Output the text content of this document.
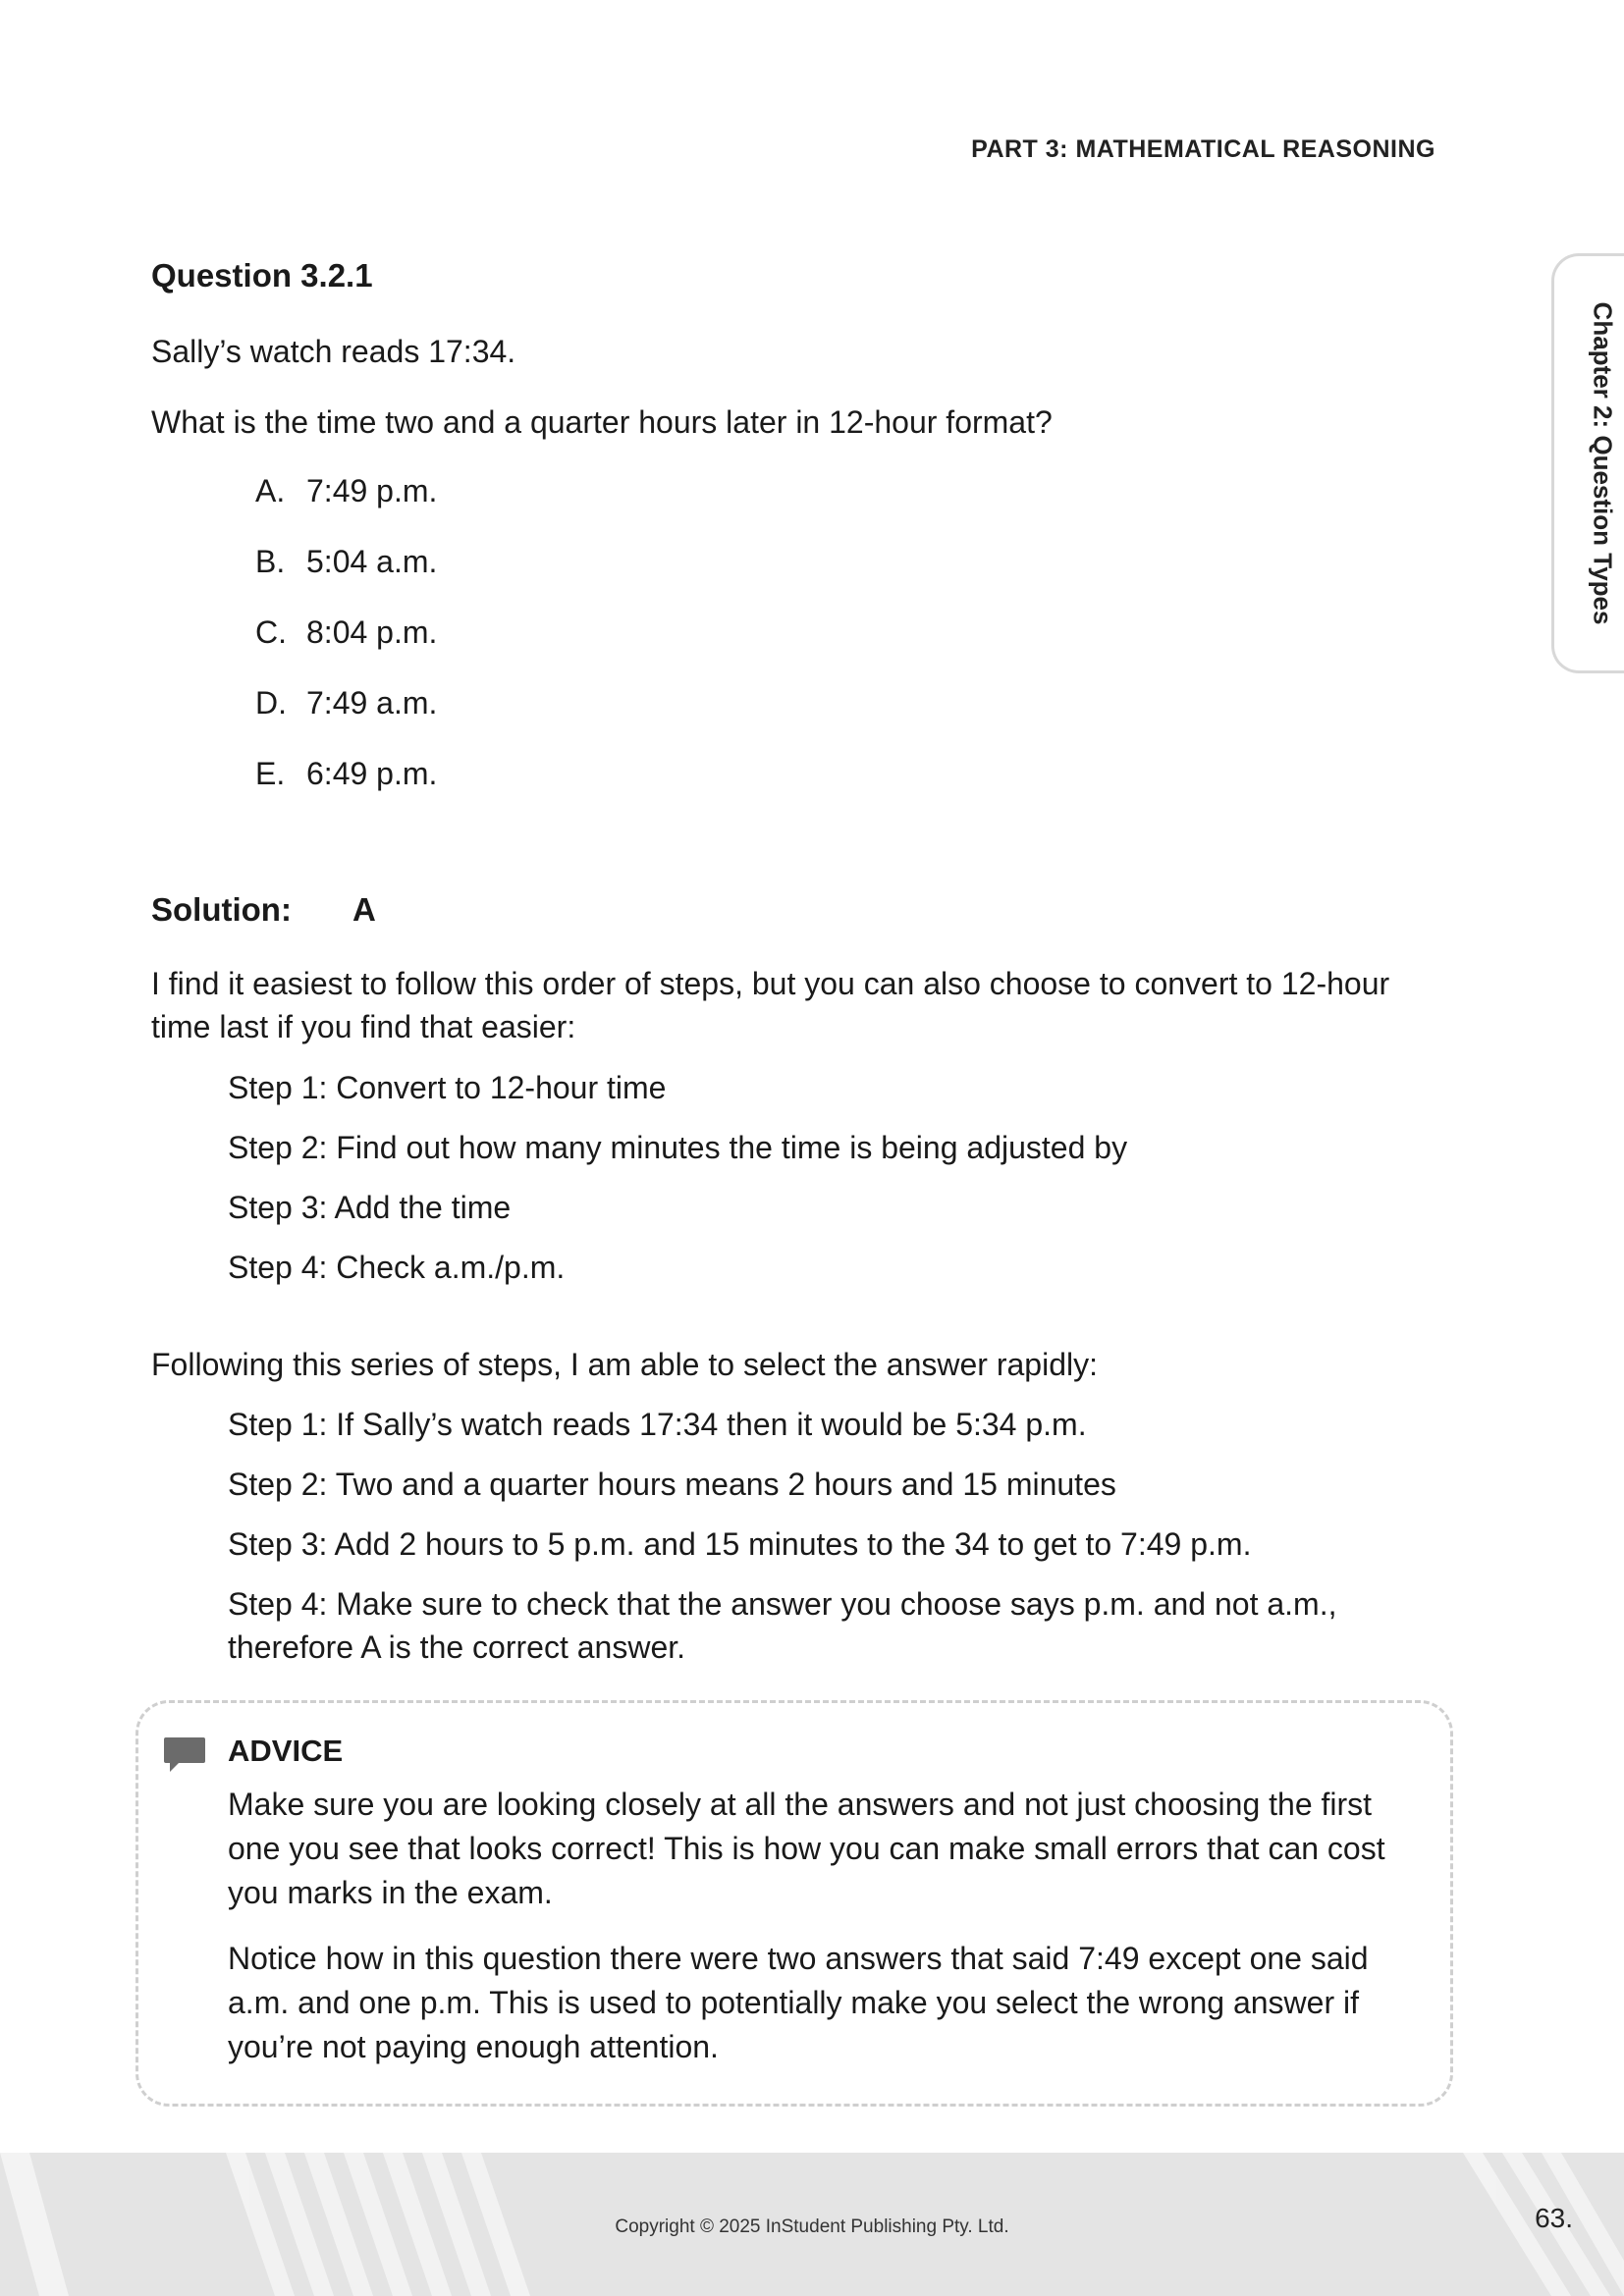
PART 3: MATHEMATICAL REASONING
Chapter 2: Question Types
Question 3.2.1
Sally’s watch reads 17:34.
What is the time two and a quarter hours later in 12-hour format?
A. 7:49 p.m.
B. 5:04 a.m.
C. 8:04 p.m.
D. 7:49 a.m.
E. 6:49 p.m.
Solution: A
I find it easiest to follow this order of steps, but you can also choose to convert to 12-hour time last if you find that easier:
Step 1: Convert to 12-hour time
Step 2: Find out how many minutes the time is being adjusted by
Step 3: Add the time
Step 4: Check a.m./p.m.
Following this series of steps, I am able to select the answer rapidly:
Step 1: If Sally’s watch reads 17:34 then it would be 5:34 p.m.
Step 2: Two and a quarter hours means 2 hours and 15 minutes
Step 3: Add 2 hours to 5 p.m. and 15 minutes to the 34 to get to 7:49 p.m.
Step 4: Make sure to check that the answer you choose says p.m. and not a.m., therefore A is the correct answer.
ADVICE
Make sure you are looking closely at all the answers and not just choosing the first one you see that looks correct! This is how you can make small errors that can cost you marks in the exam.
Notice how in this question there were two answers that said 7:49 except one said a.m. and one p.m. This is used to potentially make you select the wrong answer if you’re not paying enough attention.
Copyright © 2025 InStudent Publishing Pty. Ltd.	63.
